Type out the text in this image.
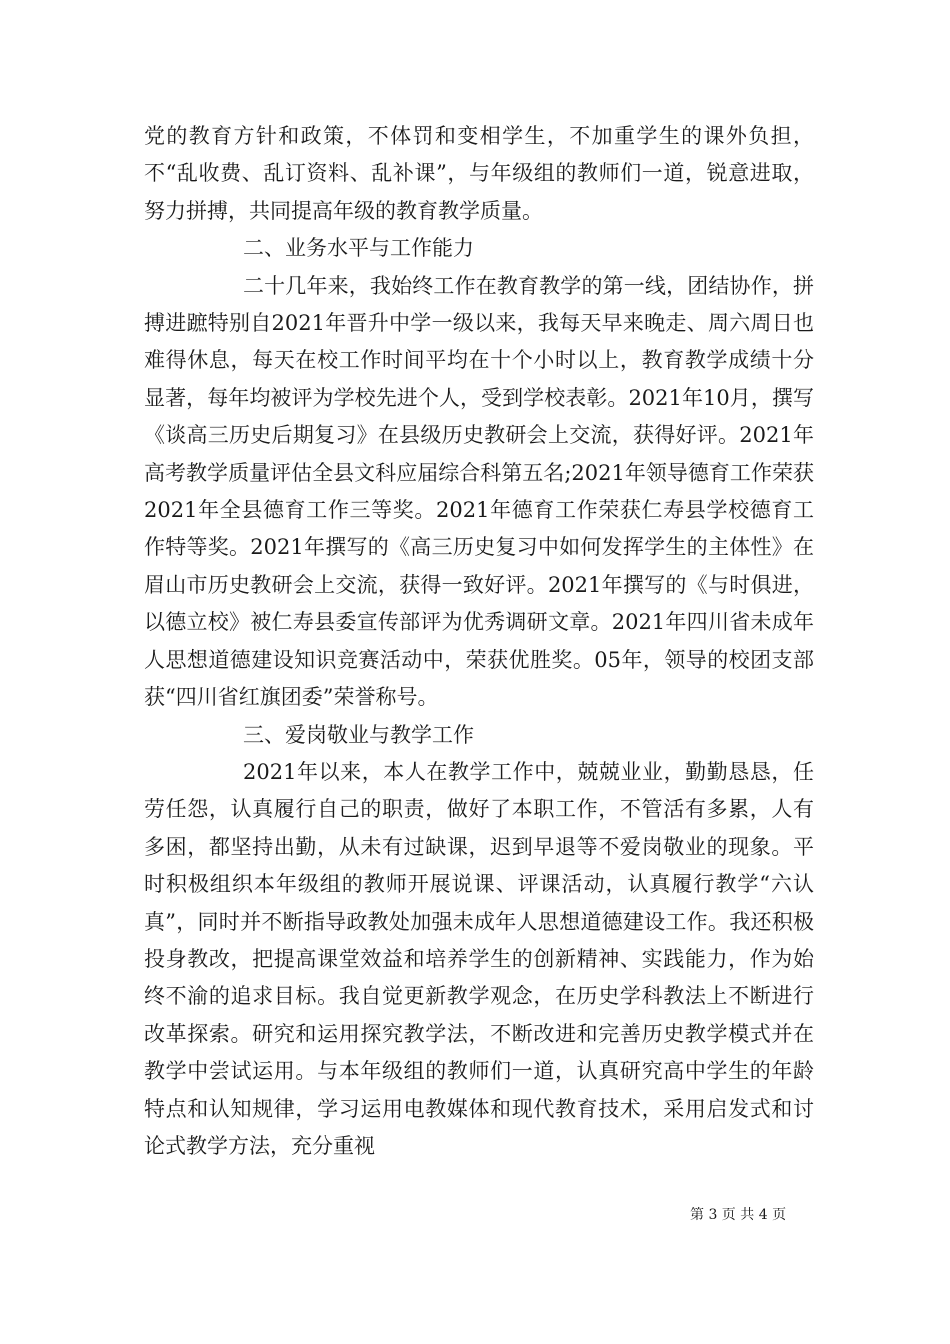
党的教育方针和政策，不体罚和变相学生，不加重学生的课外负担，不“乱收费、乱订资料、乱补课”，与年级组的教师们一道，锐意进取，努力拼搏，共同提高年级的教育教学质量。

二、业务水平与工作能力

二十几年来，我始终工作在教育教学的第一线，团结协作，拼搏进蹠特别自2021年晋升中学一级以来，我每天早来晚走、周六周日也难得休息，每天在校工作时间平均在十个小时以上，教育教学成绩十分显著，每年均被评为学校先进个人，受到学校表彰。2021年10月，撰写《谈高三历史后期复习》在县级历史教研会上交流，获得好评。2021年高考教学质量评估全县文科应届综合科第五名;2021年领导德育工作荣获2021年全县德育工作三等奖。2021年德育工作荣获仁寿县学校德育工作特等奖。2021年撰写的《高三历史复习中如何发挥学生的主体性》在眉山市历史教研会上交流，获得一致好评。2021年撰写的《与时俱进，以德立校》被仁寿县委宣传部评为优秀调研文章。2021年四川省未成年人思想道德建设知识竞赛活动中，荣获优胜奖。05年，领导的校团支部获“四川省红旗团委”荣誉称号。

三、爱岗敬业与教学工作

2021年以来，本人在教学工作中，兢兢业业，勤勤恳恳，任劳任怨，认真履行自己的职责，做好了本职工作，不管活有多累，人有多困，都坚持出勤，从未有过缺课，迟到早退等不爱岗敬业的现象。平时积极组织本年级组的教师开展说课、评课活动，认真履行教学“六认真”，同时并不断指导政教处加强未成年人思想道德建设工作。我还积极投身教改，把提高课堂效益和培养学生的创新精神、实践能力，作为始终不渝的追求目标。我自觉更新教学观念，在历史学科教法上不断进行改革探索。研究和运用探究教学法，不断改进和完善历史教学模式并在教学中尝试运用。与本年级组的教师们一道，认真研究高中学生的年龄特点和认知规律，学习运用电教媒体和现代教育技术，采用启发式和讨论式教学方法，充分重视

第 3 页 共 4 页
